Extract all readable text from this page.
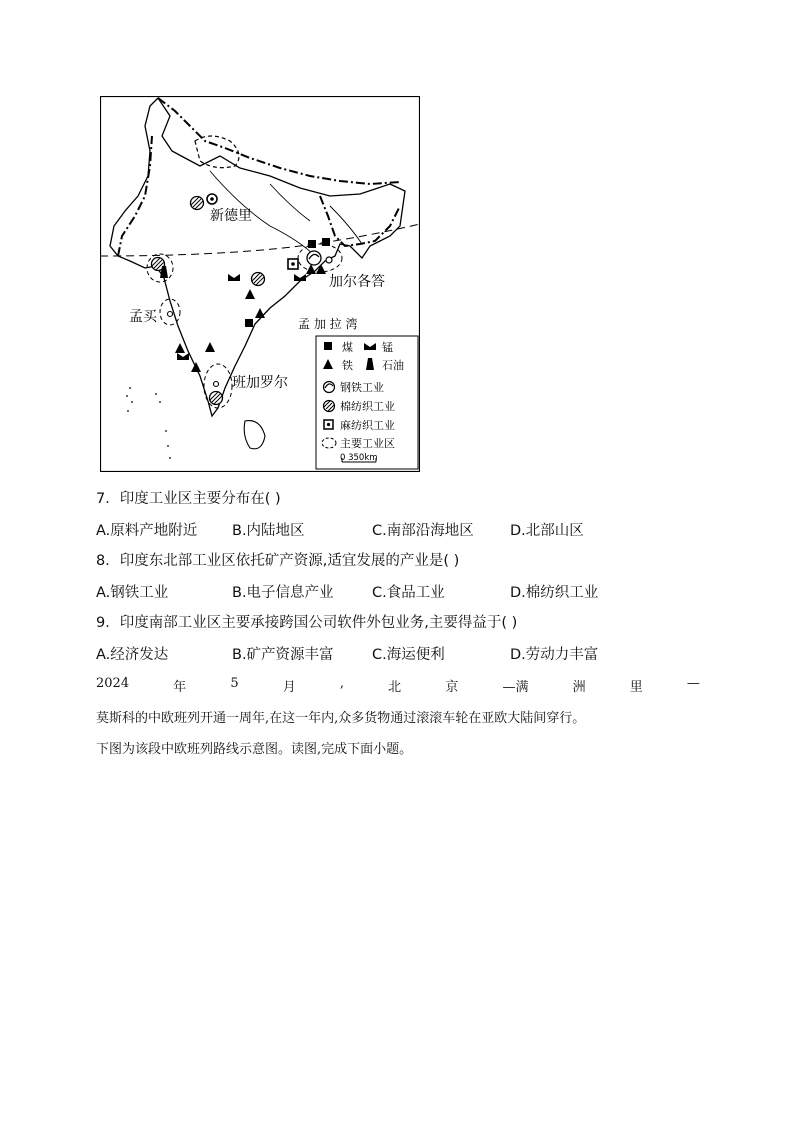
新德里
加尔各答
孟买
班加罗尔
孟 加 拉 湾
煤	锰
铁	石油
钢铁工业
棉纺织工业
麻纺织工业
主要工业区
0 350km
7．印度工业区主要分布在( )
A.原料产地附近 B.内陆地区	C.南部沿海地区	D.北部山区
8．印度东北部工业区依托矿产资源,适宜发展的产业是( )
A.钢铁工业	B.电子信息产业	C.食品工业	D.棉纺织工业
9．印度南部工业区主要承接跨国公司软件外包业务,主要得益于( )
A.经济发达	B.矿产资源丰富	C.海运便利	D.劳动力丰富
2024	年	5	月	,	北	京	—满	洲	里	—
莫斯科的中欧班列开通一周年,在这一年内,众多货物通过滚滚车轮在亚欧大陆间穿行。
下图为该段中欧班列路线示意图。读图,完成下面小题。
